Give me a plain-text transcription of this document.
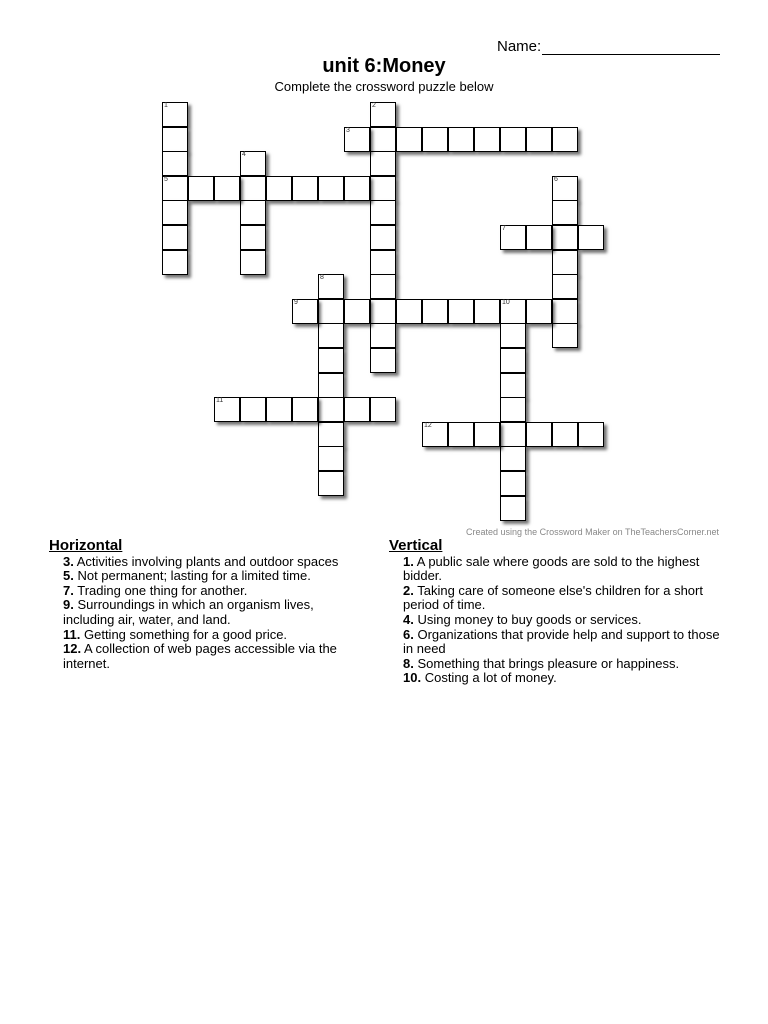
Name:
unit 6:Money
Complete the crossword puzzle below
1
5
2
3
4
6
7
8
9	10
11
12
Created using the Crossword Maker on TheTeachersCorner.net
Horizontal
3. Activities involving plants and outdoor spaces
5. Not permanent; lasting for a limited time.
7. Trading one thing for another.
9. Surroundings in which an organism lives, including air, water, and land.
11. Getting something for a good price.
12. A collection of web pages accessible via the internet.
Vertical
1. A public sale where goods are sold to the highest bidder.
2. Taking care of someone else's children for a short period of time.
4. Using money to buy goods or services.
6. Organizations that provide help and support to those in need
8. Something that brings pleasure or happiness.
10. Costing a lot of money.
